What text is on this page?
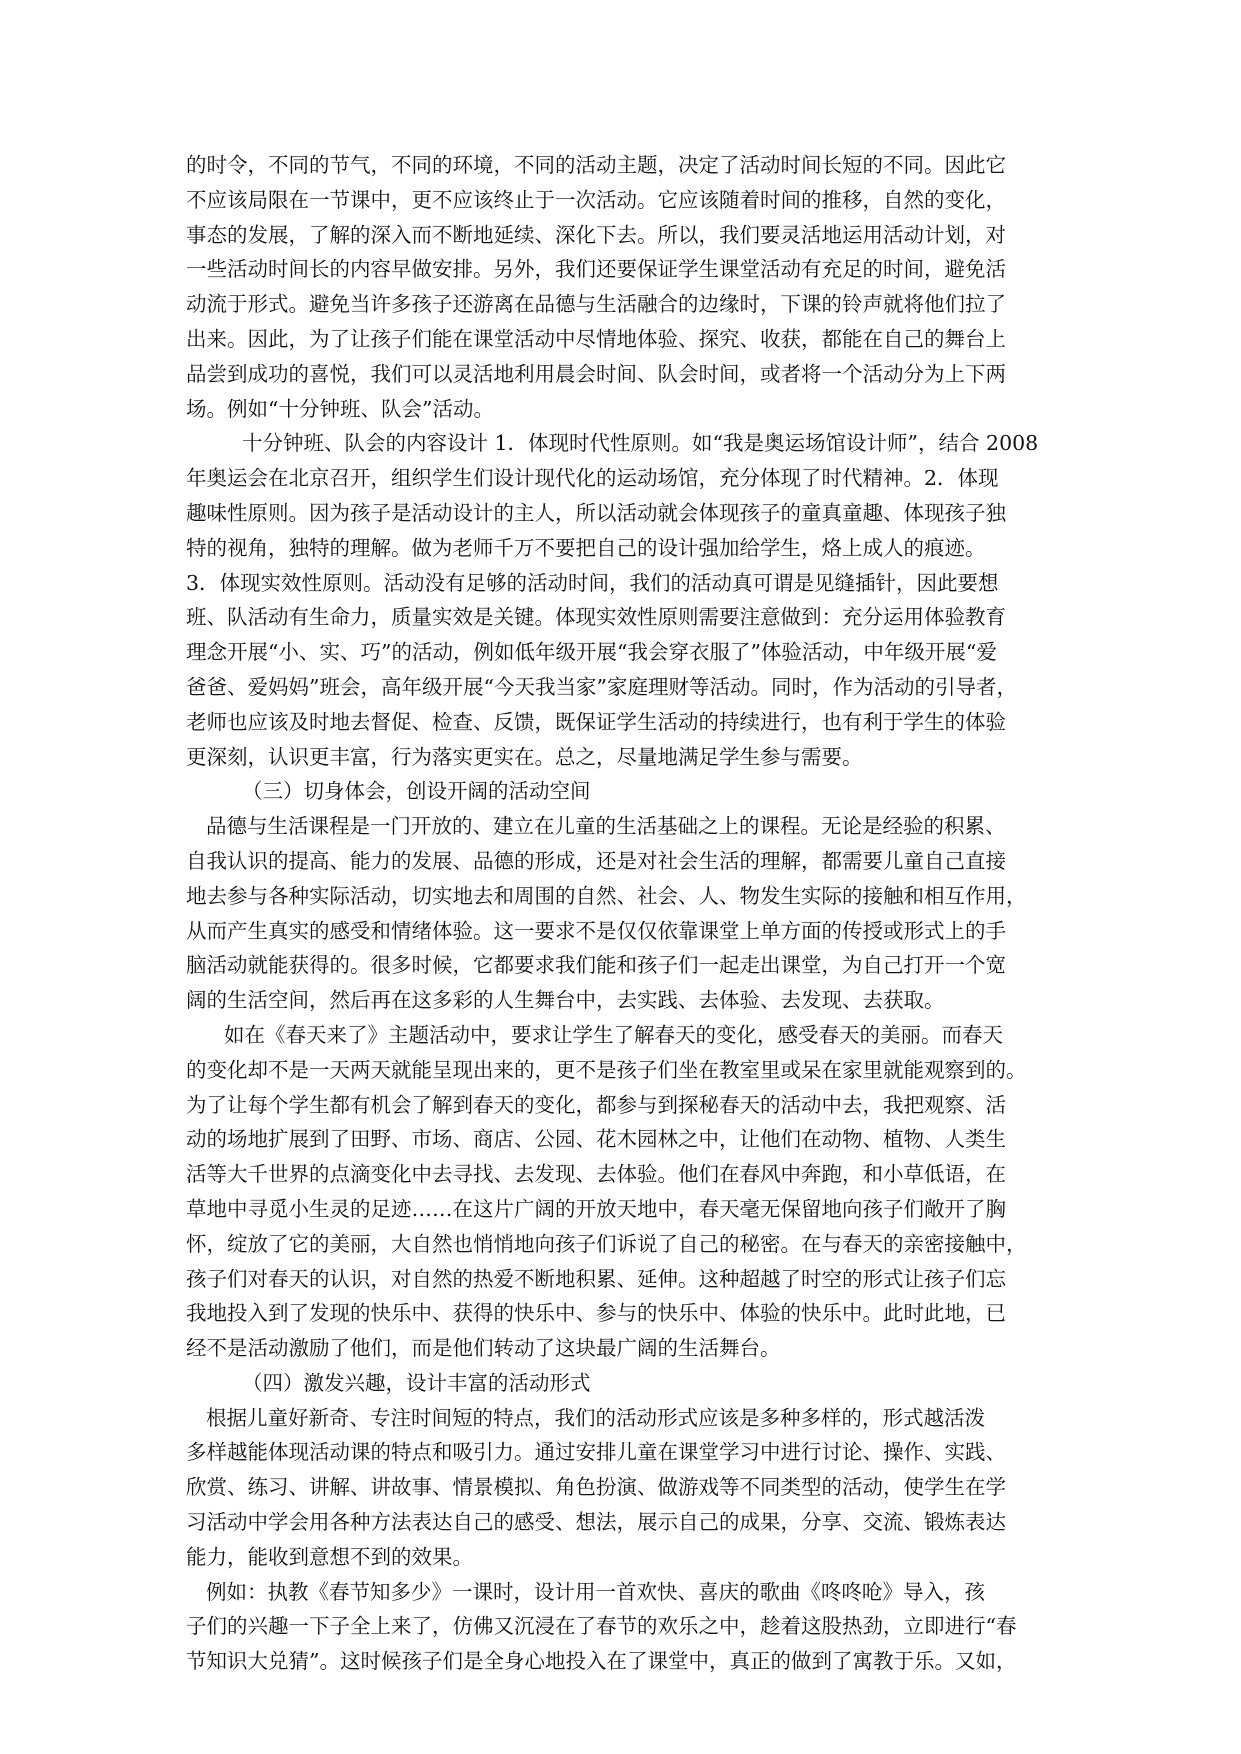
的时令，不同的节气，不同的环境，不同的活动主题，决定了活动时间长短的不同。因此它
不应该局限在一节课中，更不应该终止于一次活动。它应该随着时间的推移，自然的变化，
事态的发展，了解的深入而不断地延续、深化下去。所以，我们要灵活地运用活动计划，对
一些活动时间长的内容早做安排。另外，我们还要保证学生课堂活动有充足的时间，避免活
动流于形式。避免当许多孩子还游离在品德与生活融合的边缘时，下课的铃声就将他们拉了
出来。因此，为了让孩子们能在课堂活动中尽情地体验、探究、收获，都能在自己的舞台上
品尝到成功的喜悦，我们可以灵活地利用晨会时间、队会时间，或者将一个活动分为上下两
场。例如“十分钟班、队会”活动。
十分钟班、队会的内容设计 1．体现时代性原则。如“我是奥运场馆设计师”，结合 2008
年奥运会在北京召开，组织学生们设计现代化的运动场馆，充分体现了时代精神。2．体现
趣味性原则。因为孩子是活动设计的主人，所以活动就会体现孩子的童真童趣、体现孩子独
特的视角，独特的理解。做为老师千万不要把自己的设计强加给学生，烙上成人的痕迹。
3．体现实效性原则。活动没有足够的活动时间，我们的活动真可谓是见缝插针，因此要想
班、队活动有生命力，质量实效是关键。体现实效性原则需要注意做到：充分运用体验教育
理念开展“小、实、巧”的活动，例如低年级开展“我会穿衣服了”体验活动，中年级开展“爱
爸爸、爱妈妈”班会，高年级开展“今天我当家”家庭理财等活动。同时，作为活动的引导者，
老师也应该及时地去督促、检查、反馈，既保证学生活动的持续进行，也有利于学生的体验
更深刻，认识更丰富，行为落实更实在。总之，尽量地满足学生参与需要。
（三）切身体会，创设开阔的活动空间
品德与生活课程是一门开放的、建立在儿童的生活基础之上的课程。无论是经验的积累、
自我认识的提高、能力的发展、品德的形成，还是对社会生活的理解，都需要儿童自己直接
地去参与各种实际活动，切实地去和周围的自然、社会、人、物发生实际的接触和相互作用，
从而产生真实的感受和情绪体验。这一要求不是仅仅依靠课堂上单方面的传授或形式上的手
脑活动就能获得的。很多时候，它都要求我们能和孩子们一起走出课堂，为自己打开一个宽
阔的生活空间，然后再在这多彩的人生舞台中，去实践、去体验、去发现、去获取。
如在《春天来了》主题活动中，要求让学生了解春天的变化，感受春天的美丽。而春天
的变化却不是一天两天就能呈现出来的，更不是孩子们坐在教室里或呆在家里就能观察到的。
为了让每个学生都有机会了解到春天的变化，都参与到探秘春天的活动中去，我把观察、活
动的场地扩展到了田野、市场、商店、公园、花木园林之中，让他们在动物、植物、人类生
活等大千世界的点滴变化中去寻找、去发现、去体验。他们在春风中奔跑，和小草低语，在
草地中寻觅小生灵的足迹……在这片广阔的开放天地中，春天毫无保留地向孩子们敞开了胸
怀，绽放了它的美丽，大自然也悄悄地向孩子们诉说了自己的秘密。在与春天的亲密接触中，
孩子们对春天的认识，对自然的热爱不断地积累、延伸。这种超越了时空的形式让孩子们忘
我地投入到了发现的快乐中、获得的快乐中、参与的快乐中、体验的快乐中。此时此地，已
经不是活动激励了他们，而是他们转动了这块最广阔的生活舞台。
（四）激发兴趣，设计丰富的活动形式
根据儿童好新奇、专注时间短的特点，我们的活动形式应该是多种多样的，形式越活泼
多样越能体现活动课的特点和吸引力。通过安排儿童在课堂学习中进行讨论、操作、实践、
欣赏、练习、讲解、讲故事、情景模拟、角色扮演、做游戏等不同类型的活动，使学生在学
习活动中学会用各种方法表达自己的感受、想法，展示自己的成果，分享、交流、锻炼表达
能力，能收到意想不到的效果。
例如：执教《春节知多少》一课时，设计用一首欢快、喜庆的歌曲《咚咚呛》导入，孩
子们的兴趣一下子全上来了，仿佛又沉浸在了春节的欢乐之中，趁着这股热劲，立即进行“春
节知识大兑猜”。这时候孩子们是全身心地投入在了课堂中，真正的做到了寓教于乐。又如，
